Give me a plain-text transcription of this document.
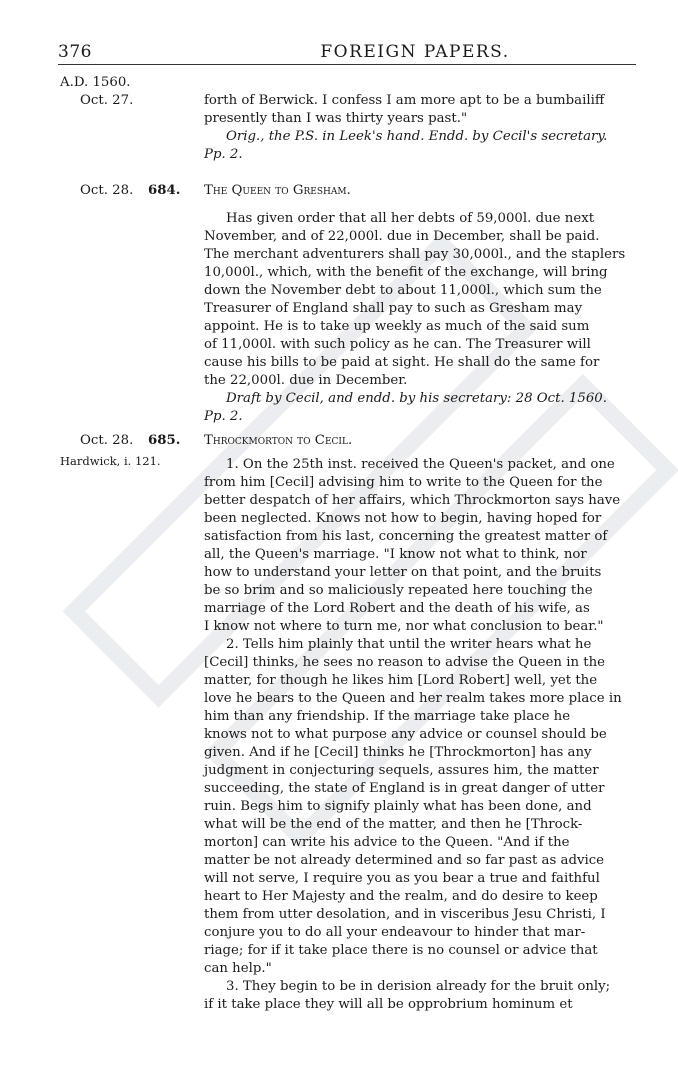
376	FOREIGN PAPERS.
A.D. 1560.
Oct. 27.	forth of Berwick. I confess I am more apt to be a bumbailiff

presently than I was thirty years past."

Orig., the P.S. in Leek's hand. Endd. by Cecil's secretary.

Pp. 2.

Oct. 28. 684. The Queen to Gresham.

Has given order that all her debts of 59,000l. due next

November, and of 22,000l. due in December, shall be paid.

The merchant adventurers shall pay 30,000l., and the staplers

10,000l., which, with the benefit of the exchange, will bring

down the November debt to about 11,000l., which sum the

Treasurer of England shall pay to such as Gresham may

appoint. He is to take up weekly as much of the said sum

of 11,000l. with such policy as he can. The Treasurer will

cause his bills to be paid at sight. He shall do the same for

the 22,000l. due in December.

Draft by Cecil, and endd. by his secretary: 28 Oct. 1560.

Pp. 2.

Oct. 28. 685. Throckmorton to Cecil.
Hardwick, i. 121.	1. On the 25th inst. received the Queen's packet, and one

from him [Cecil] advising him to write to the Queen for the

better despatch of her affairs, which Throckmorton says have

been neglected. Knows not how to begin, having hoped for

satisfaction from his last, concerning the greatest matter of

all, the Queen's marriage. "I know not what to think, nor

how to understand your letter on that point, and the bruits

be so brim and so maliciously repeated here touching the

marriage of the Lord Robert and the death of his wife, as

I know not where to turn me, nor what conclusion to bear."

2. Tells him plainly that until the writer hears what he

[Cecil] thinks, he sees no reason to advise the Queen in the

matter, for though he likes him [Lord Robert] well, yet the

love he bears to the Queen and her realm takes more place in

him than any friendship. If the marriage take place he

knows not to what purpose any advice or counsel should be

given. And if he [Cecil] thinks he [Throckmorton] has any

judgment in conjecturing sequels, assures him, the matter

succeeding, the state of England is in great danger of utter

ruin. Begs him to signify plainly what has been done, and

what will be the end of the matter, and then he [Throck-

morton] can write his advice to the Queen. "And if the

matter be not already determined and so far past as advice

will not serve, I require you as you bear a true and faithful

heart to Her Majesty and the realm, and do desire to keep

them from utter desolation, and in visceribus Jesu Christi, I

conjure you to do all your endeavour to hinder that mar-

riage; for if it take place there is no counsel or advice that

can help."

3. They begin to be in derision already for the bruit only;

if it take place they will all be opprobrium hominum et
